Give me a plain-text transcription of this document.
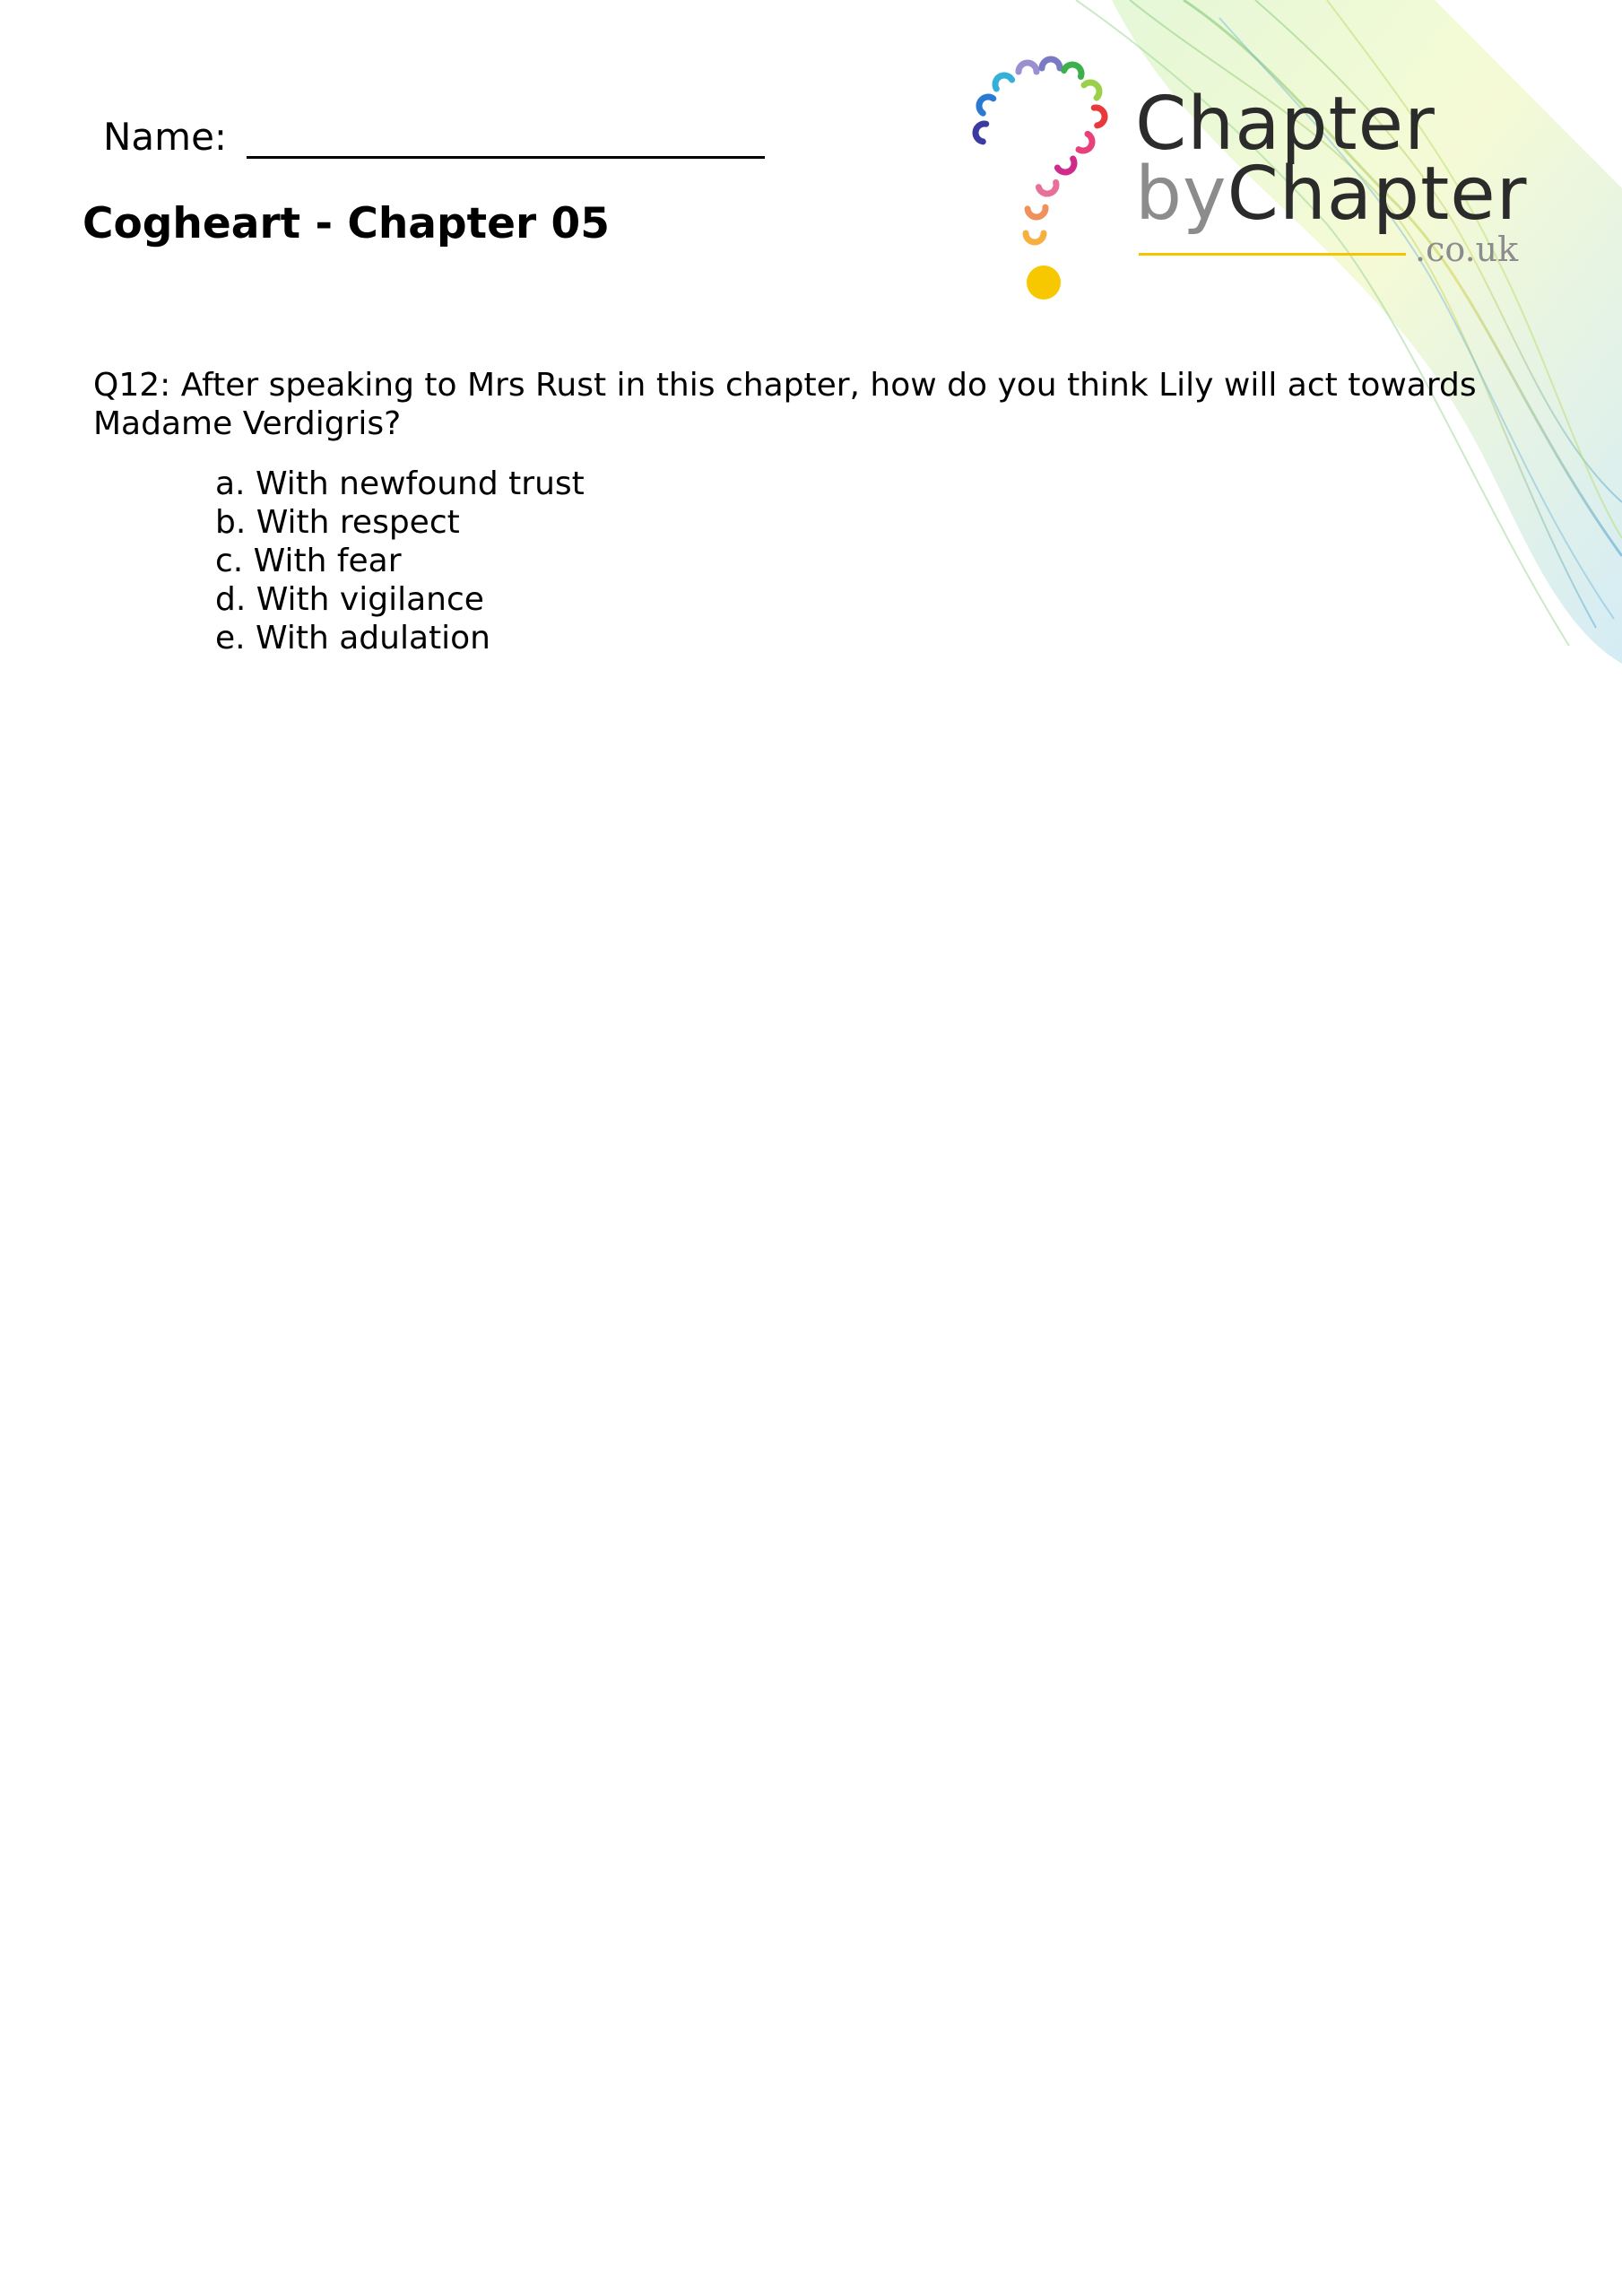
Name:
Cogheart - Chapter 05
Chapter
byChapter
.co.uk

Q12: After speaking to Mrs Rust in this chapter, how do you think Lily will act towards Madame Verdigris?

a. With newfound trust
b. With respect
c. With fear
d. With vigilance
e. With adulation
